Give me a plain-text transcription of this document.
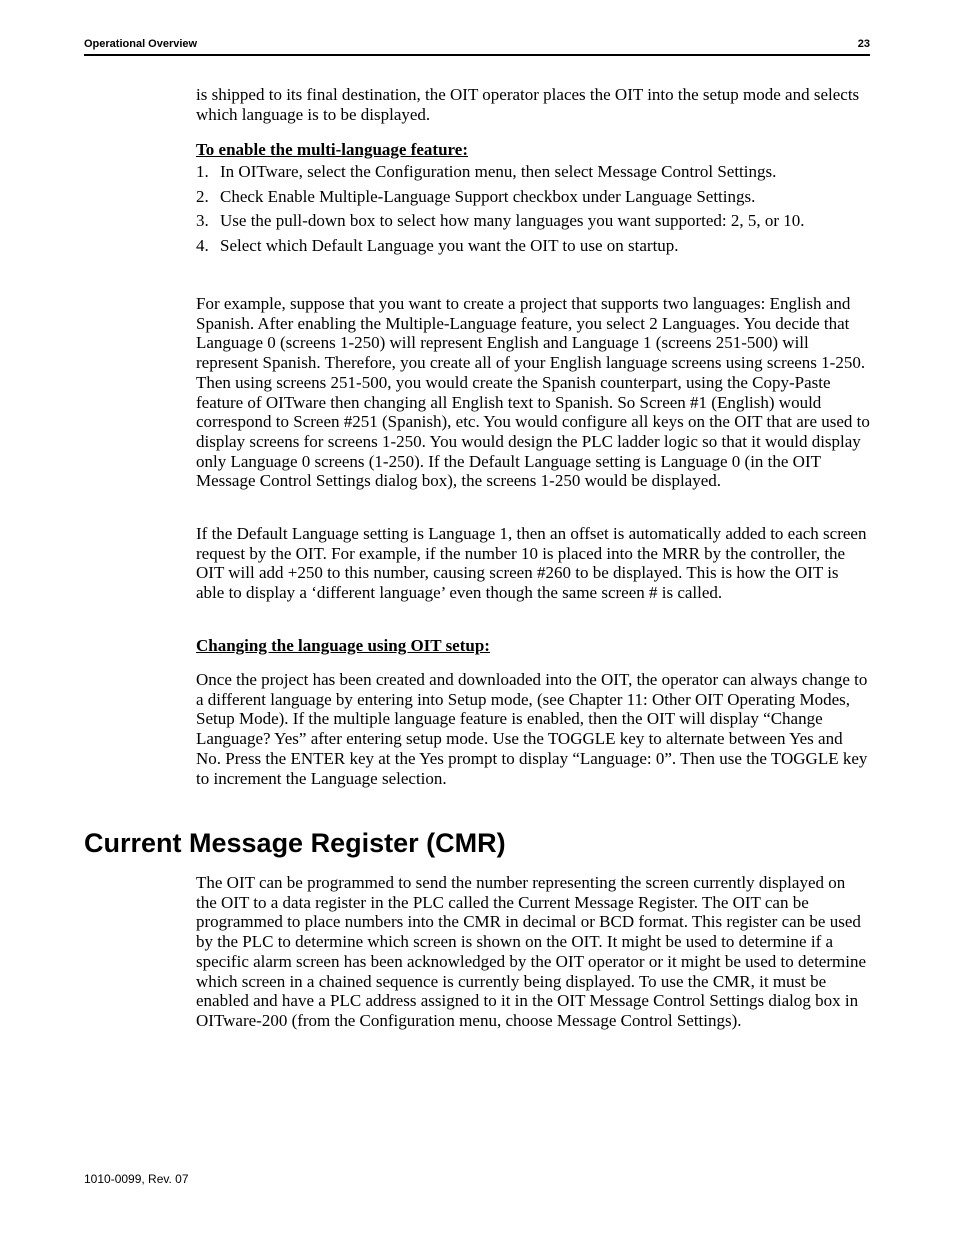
Operational Overview	23

is shipped to its final destination, the OIT operator places the OIT into the setup mode and selects which language is to be displayed.

To enable the multi-language feature:

1. In OITware, select the Configuration menu, then select Message Control Settings.
2. Check Enable Multiple-Language Support checkbox under Language Settings.
3. Use the pull-down box to select how many languages you want supported: 2, 5, or 10.
4. Select which Default Language you want the OIT to use on startup.

For example, suppose that you want to create a project that supports two languages: English and Spanish. After enabling the Multiple-Language feature, you select 2 Languages. You decide that Language 0 (screens 1-250) will represent English and Language 1 (screens 251-500) will represent Spanish. Therefore, you create all of your English language screens using screens 1-250. Then using screens 251-500, you would create the Spanish counterpart, using the Copy-Paste feature of OITware then changing all English text to Spanish. So Screen #1 (English) would correspond to Screen #251 (Spanish), etc. You would configure all keys on the OIT that are used to display screens for screens 1-250. You would design the PLC ladder logic so that it would display only Language 0 screens (1-250). If the Default Language setting is Language 0 (in the OIT Message Control Settings dialog box), the screens 1-250 would be displayed.

If the Default Language setting is Language 1, then an offset is automatically added to each screen request by the OIT. For example, if the number 10 is placed into the MRR by the controller, the OIT will add +250 to this number, causing screen #260 to be displayed. This is how the OIT is able to display a ‘different language’ even though the same screen # is called.

Changing the language using OIT setup:

Once the project has been created and downloaded into the OIT, the operator can always change to a different language by entering into Setup mode, (see Chapter 11: Other OIT Operating Modes, Setup Mode). If the multiple language feature is enabled, then the OIT will display “Change Language? Yes” after entering setup mode. Use the TOGGLE key to alternate between Yes and No. Press the ENTER key at the Yes prompt to display “Language: 0”. Then use the TOGGLE key to increment the Language selection.

Current Message Register (CMR)

The OIT can be programmed to send the number representing the screen currently displayed on the OIT to a data register in the PLC called the Current Message Register. The OIT can be programmed to place numbers into the CMR in decimal or BCD format. This register can be used by the PLC to determine which screen is shown on the OIT. It might be used to determine if a specific alarm screen has been acknowledged by the OIT operator or it might be used to determine which screen in a chained sequence is currently being displayed. To use the CMR, it must be enabled and have a PLC address assigned to it in the OIT Message Control Settings dialog box in OITware-200 (from the Configuration menu, choose Message Control Settings).

1010-0099, Rev. 07
